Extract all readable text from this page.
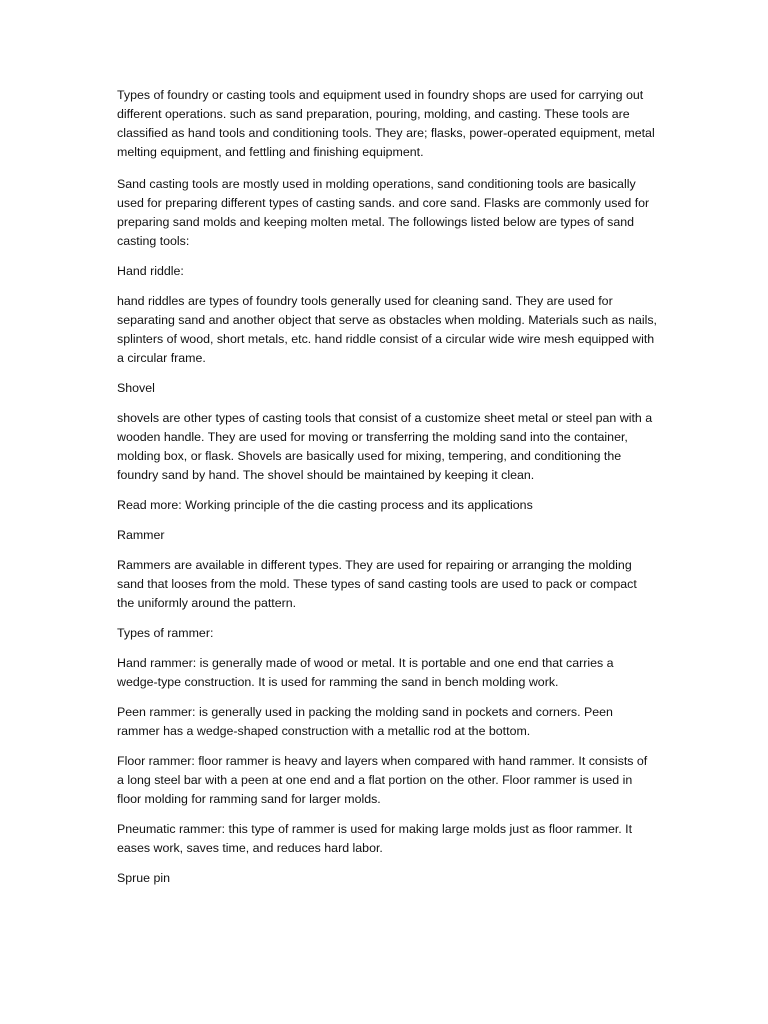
Types of foundry or casting tools and equipment used in foundry shops are used for carrying out different operations. such as sand preparation, pouring, molding, and casting. These tools are classified as hand tools and conditioning tools. They are; flasks, power-operated equipment, metal melting equipment, and fettling and finishing equipment.

Sand casting tools are mostly used in molding operations, sand conditioning tools are basically used for preparing different types of casting sands. and core sand. Flasks are commonly used for preparing sand molds and keeping molten metal. The followings listed below are types of sand casting tools:

Hand riddle:

hand riddles are types of foundry tools generally used for cleaning sand. They are used for separating sand and another object that serve as obstacles when molding. Materials such as nails, splinters of wood, short metals, etc. hand riddle consist of a circular wide wire mesh equipped with a circular frame.

Shovel

shovels are other types of casting tools that consist of a customize sheet metal or steel pan with a wooden handle. They are used for moving or transferring the molding sand into the container, molding box, or flask. Shovels are basically used for mixing, tempering, and conditioning the foundry sand by hand. The shovel should be maintained by keeping it clean.

Read more: Working principle of the die casting process and its applications

Rammer

Rammers are available in different types. They are used for repairing or arranging the molding sand that looses from the mold. These types of sand casting tools are used to pack or compact the uniformly around the pattern.

Types of rammer:

Hand rammer: is generally made of wood or metal. It is portable and one end that carries a wedge-type construction. It is used for ramming the sand in bench molding work.

Peen rammer: is generally used in packing the molding sand in pockets and corners. Peen rammer has a wedge-shaped construction with a metallic rod at the bottom.

Floor rammer: floor rammer is heavy and layers when compared with hand rammer. It consists of a long steel bar with a peen at one end and a flat portion on the other. Floor rammer is used in floor molding for ramming sand for larger molds.

Pneumatic rammer: this type of rammer is used for making large molds just as floor rammer. It eases work, saves time, and reduces hard labor.

Sprue pin
